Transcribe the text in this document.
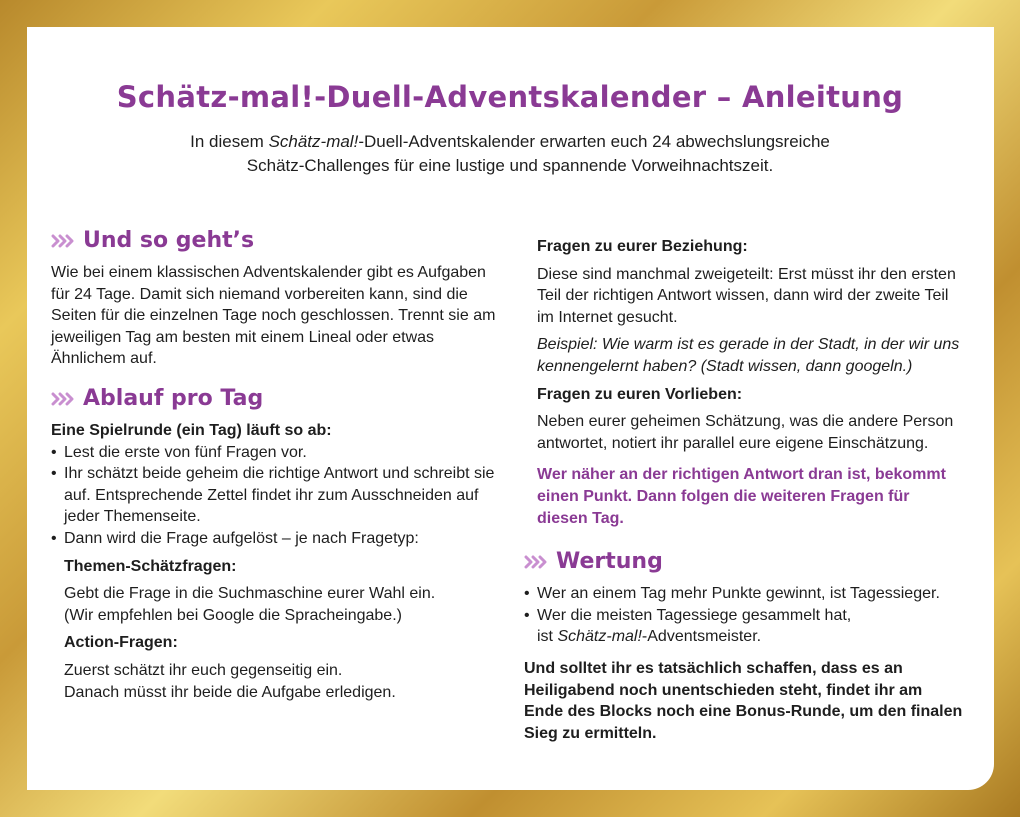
Schätz-mal!-Duell-Adventskalender – Anleitung
In diesem Schätz-mal!-Duell-Adventskalender erwarten euch 24 abwechslungsreiche
Schätz-Challenges für eine lustige und spannende Vorweihnachtszeit.
Und so geht’s

Wie bei einem klassischen Adventskalender gibt es Aufgaben für 24 Tage. Damit sich niemand vorbereiten kann, sind die Seiten für die einzelnen Tage noch geschlossen. Trennt sie am jeweiligen Tag am besten mit einem Lineal oder etwas Ähnlichem auf.

Ablauf pro Tag

Eine Spielrunde (ein Tag) läuft so ab:

• Lest die erste von fünf Fragen vor.
• Ihr schätzt beide geheim die richtige Antwort und schreibt sie auf. Entsprechende Zettel findet ihr zum Ausschneiden auf jeder Themenseite.
• Dann wird die Frage aufgelöst – je nach Fragetyp:

Themen-Schätzfragen:

Gebt die Frage in die Suchmaschine eurer Wahl ein.

(Wir empfehlen bei Google die Spracheingabe.)

Action-Fragen:

Zuerst schätzt ihr euch gegenseitig ein.

Danach müsst ihr beide die Aufgabe erledigen.

Fragen zu eurer Beziehung:

Diese sind manchmal zweigeteilt: Erst müsst ihr den ersten Teil der richtigen Antwort wissen, dann wird der zweite Teil im Internet gesucht.

Beispiel: Wie warm ist es gerade in der Stadt, in der wir uns kennengelernt haben? (Stadt wissen, dann googeln.)

Fragen zu euren Vorlieben:

Neben eurer geheimen Schätzung, was die andere Person antwortet, notiert ihr parallel eure eigene Einschätzung.

Wer näher an der richtigen Antwort dran ist, bekommt einen Punkt. Dann folgen die weiteren Fragen für diesen Tag.

Wertung
• Wer an einem Tag mehr Punkte gewinnt, ist Tagessieger.
• Wer die meisten Tagessiege gesammelt hat,
ist Schätz-mal!-Adventsmeister.

Und solltet ihr es tatsächlich schaffen, dass es an Heiligabend noch unentschieden steht, findet ihr am Ende des Blocks noch eine Bonus-Runde, um den finalen Sieg zu ermitteln.
